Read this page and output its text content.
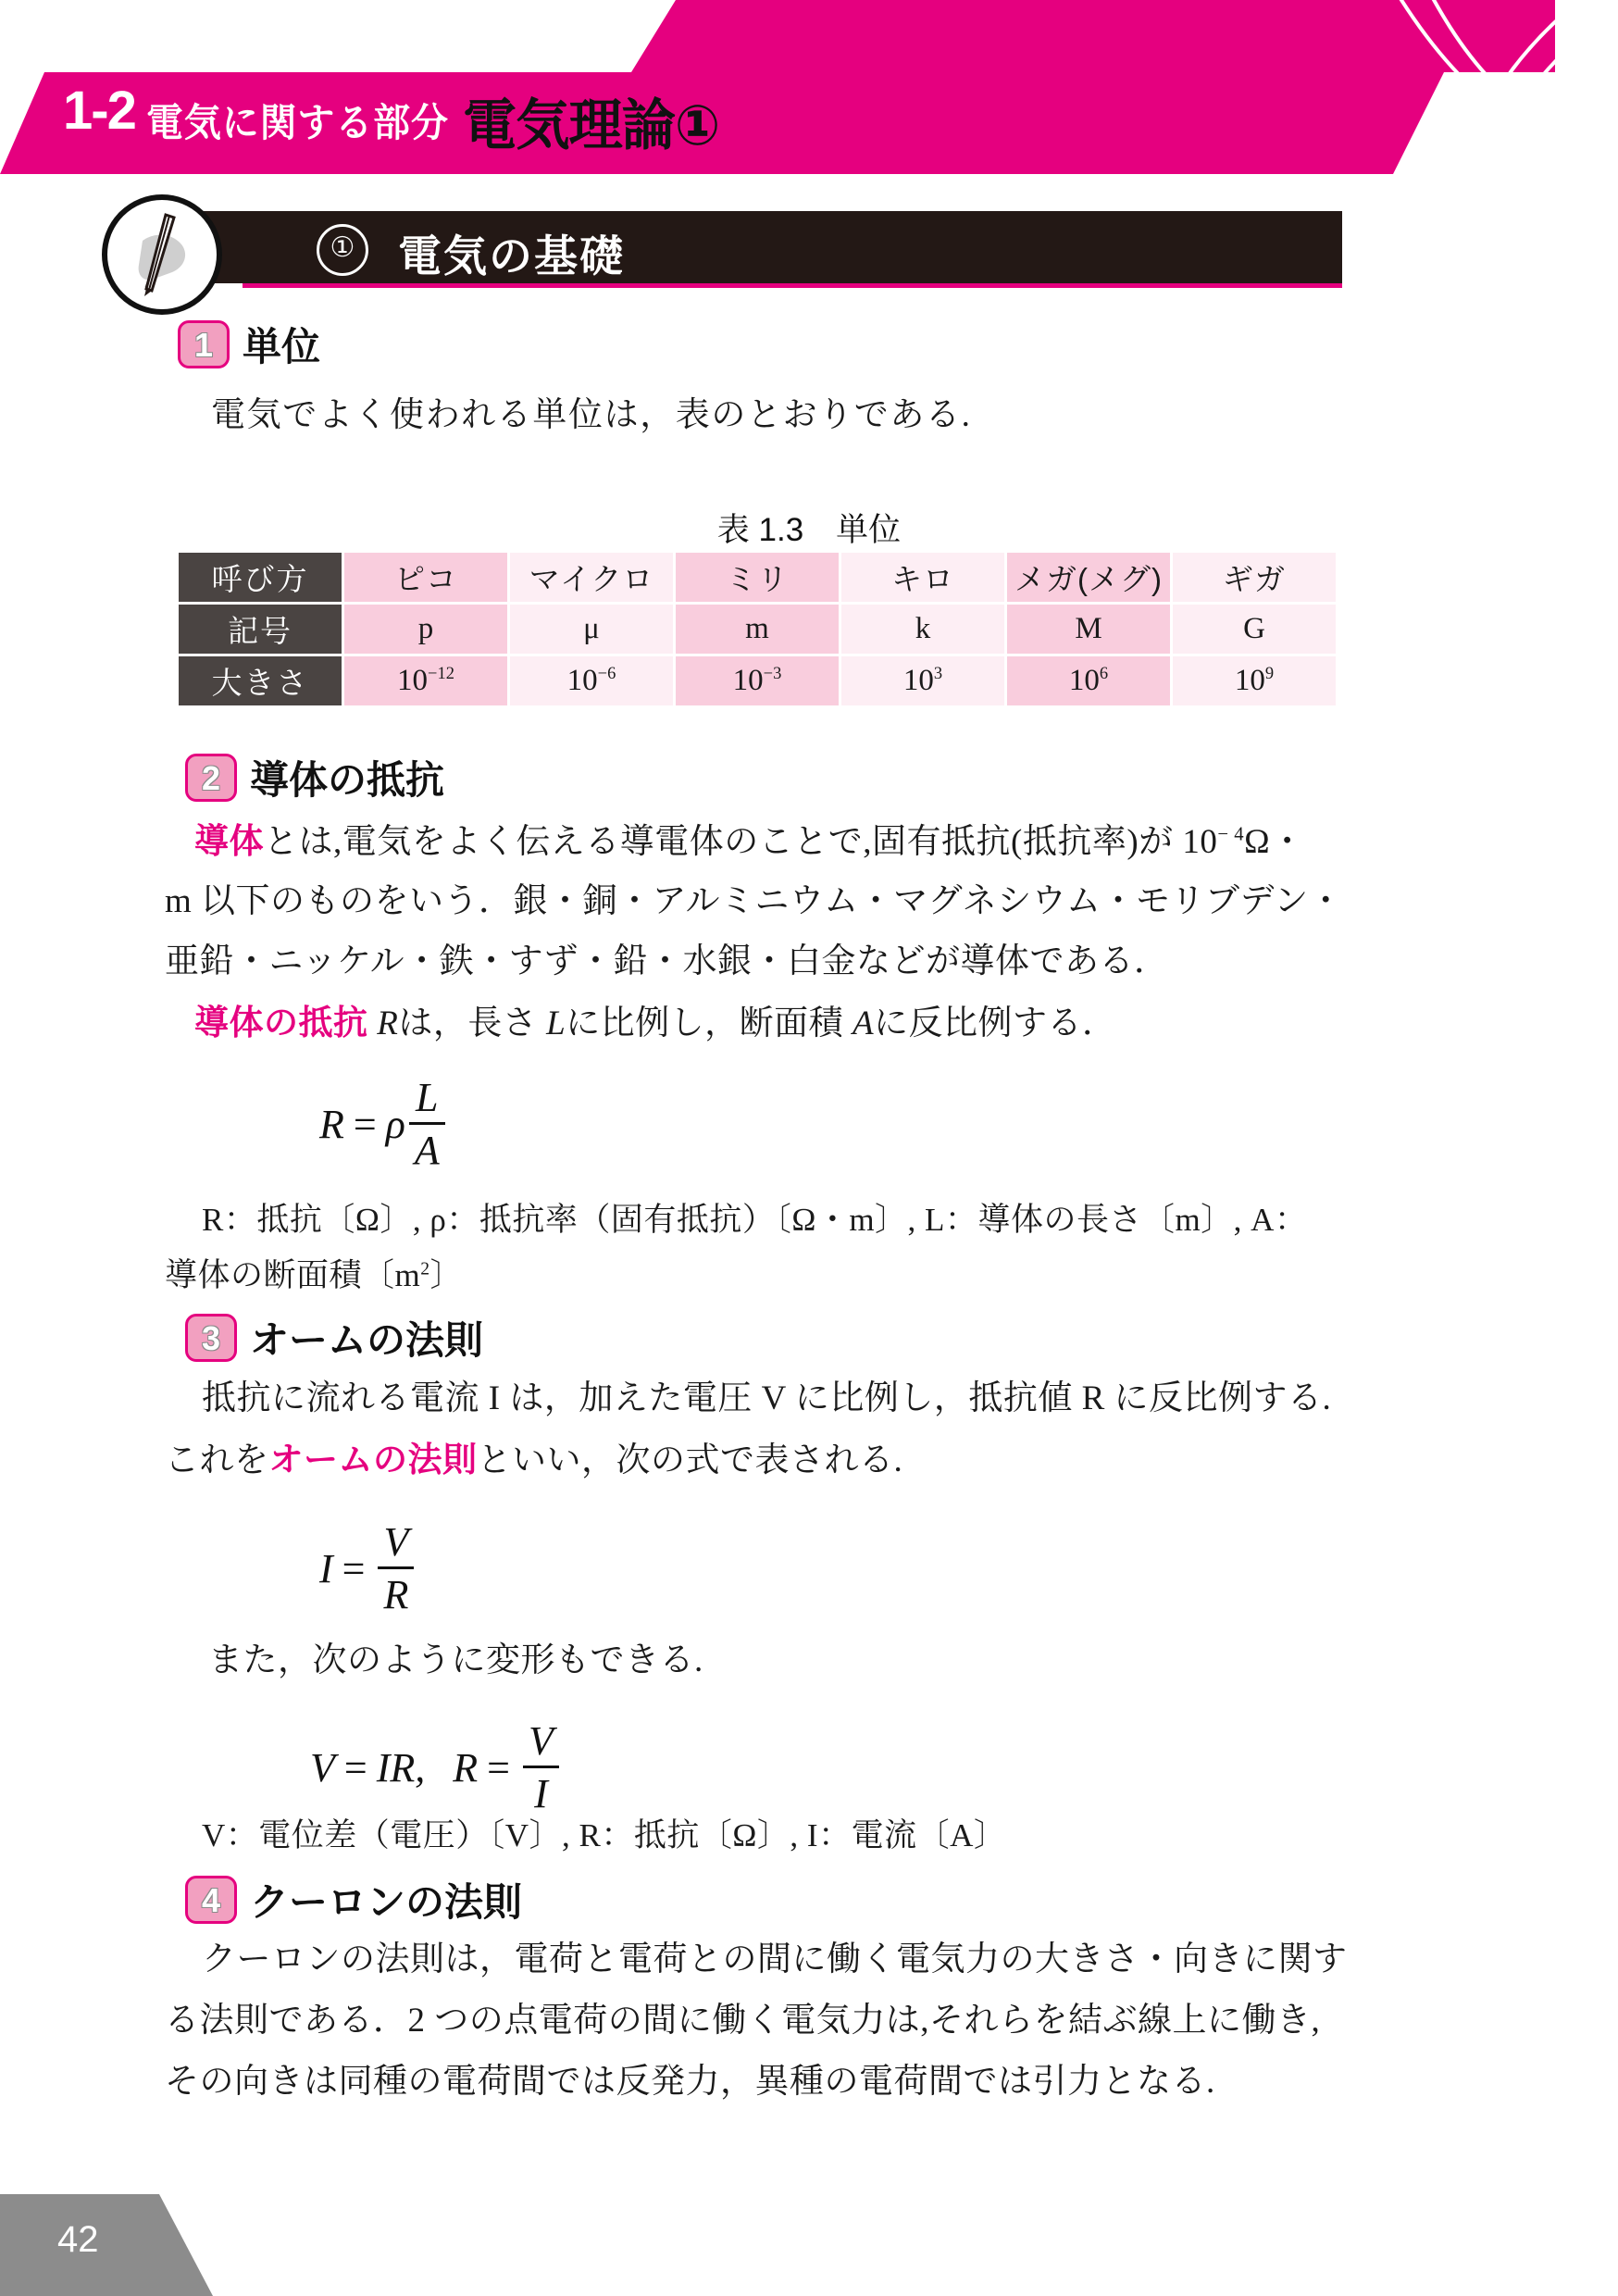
1 機械または電気に関する基礎的知識
1-2 電気に関する部分 電気理論①
① 電気の基礎
1 単位
電気でよく使われる単位は，表のとおりである.
表 1.3　単位
呼び方	ピコ	マイクロ	ミリ	キロ	メガ(メグ)	ギガ
記号	p	μ	m	k	M	G
大きさ	$10^{-12}$	$10^{-6}$	$10^{-3}$	$10^3$	$10^6$	$10^9$
2 導体の抵抗
導体とは,電気をよく伝える導電体のことで,固有抵抗(抵抗率)が $10^{- 4}\Omega$・
m 以下のものをいう．銀・銅・アルミニウム・マグネシウム・モリブデン・
亜鉛・ニッケル・鉄・すず・鉛・水銀・白金などが導体である．
導体の抵抗 Rは，長さ Lに比例し，断面積 Aに反比例する．
R = ρ $\frac{L}{A}$
R：抵抗〔Ω〕, ρ：抵抗率（固有抵抗）〔Ω・m〕, L：導体の長さ〔m〕, A：
導体の断面積〔$m^2$〕
3 オームの法則
抵抗に流れる電流 I は，加えた電圧 V に比例し，抵抗値 R に反比例する.
これをオームの法則といい，次の式で表される.
$I = \frac{V}{R}$
また，次のように変形もできる.
V = IR, $R = \frac{V}{I}$
V：電位差（電圧）〔V〕, R：抵抗〔Ω〕, I：電流〔A〕
4 クーロンの法則
クーロンの法則は，電荷と電荷との間に働く電気力の大きさ・向きに関す
る法則である．2 つの点電荷の間に働く電気力は,それらを結ぶ線上に働き,
その向きは同種の電荷間では反発力，異種の電荷間では引力となる.
42
